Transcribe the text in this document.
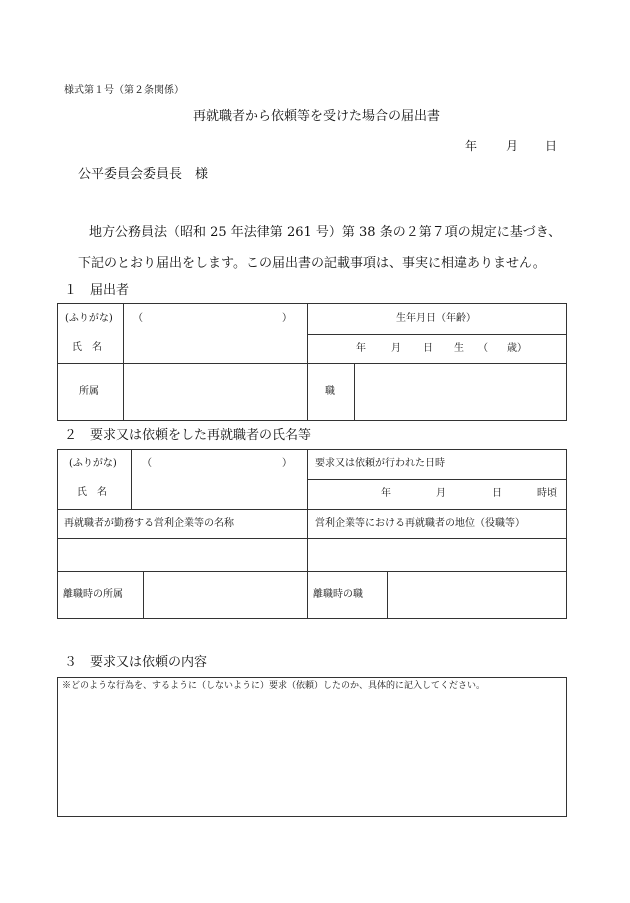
様式第１号（第２条関係）
再就職者から依頼等を受けた場合の届出書
年 月 日
公平委員会委員長　様
地方公務員法（昭和 25 年法律第 261 号）第 38 条の２第７項の規定に基づき、
下記のとおり届出をします。この届出書の記載事項は、事実に相違ありません。
１　届出者
(ふりがな) （	）
氏　名
生年月日（年齢）
年	月 日 生 （ 歳）
所属	職
２　要求又は依頼をした再就職者の氏名等
(ふりがな)	（	）
氏　名
要求又は依頼が行われた日時
年	月	日	時頃
再就職者が勤務する営利企業等の名称	営利企業等における再就職者の地位（役職等）
離職時の所属	離職時の職
３　要求又は依頼の内容
※どのような行為を、するように（しないように）要求（依頼）したのか、具体的に記入してください。
